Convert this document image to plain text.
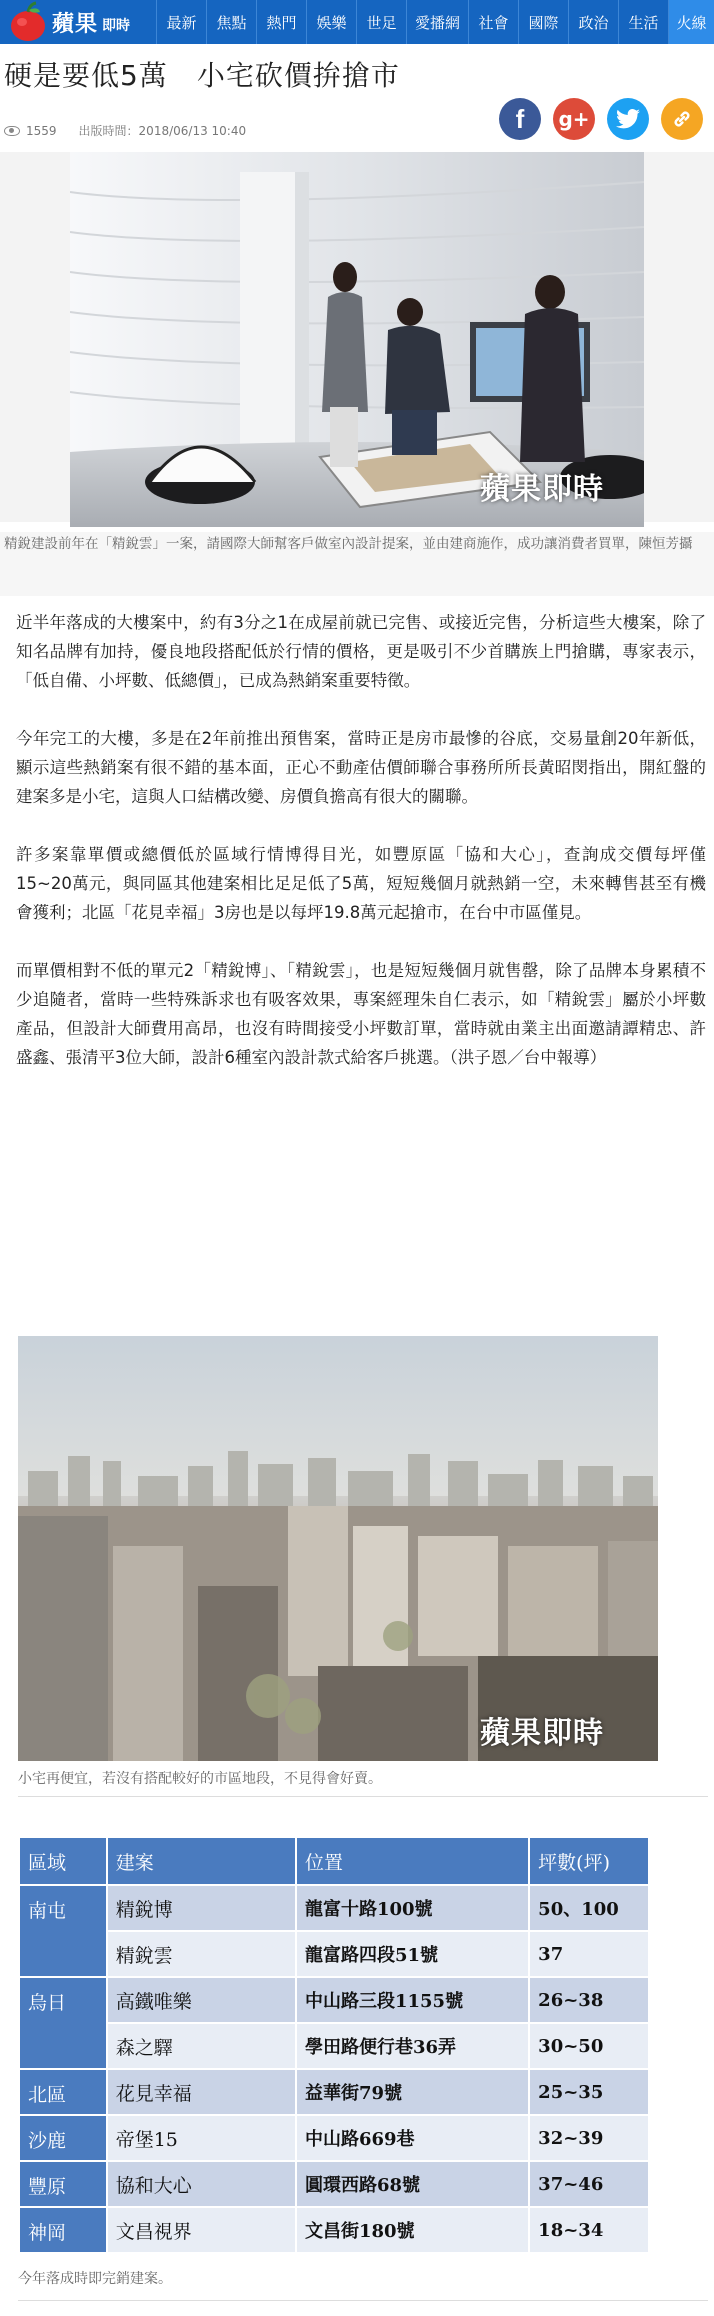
蘋果 即時	最新	焦點	熱門	娛樂	世足	愛播網	社會	國際	政治	生活	火線
硬是要低5萬　小宅砍價拚搶市
1559 出版時間：2018/06/13 10:40	f g+
蘋果即時
精銳建設前年在「精銳雲」一案，請國際大師幫客戶做室內設計提案，並由建商施作，成功讓消費者買單，陳恒芳攝

近半年落成的大樓案中，約有3分之1在成屋前就已完售、或接近完售，分析這些大樓案，除了知名品牌有加持，優良地段搭配低於行情的價格，更是吸引不少首購族上門搶購，專家表示，「低自備、小坪數、低總價」，已成為熱銷案重要特徵。

今年完工的大樓，多是在2年前推出預售案，當時正是房市最慘的谷底，交易量創20年新低，顯示這些熱銷案有很不錯的基本面，正心不動產估價師聯合事務所所長黃昭閔指出，開紅盤的建案多是小宅，這與人口結構改變、房價負擔高有很大的關聯。

許多案靠單價或總價低於區域行情博得目光，如豐原區「協和大心」，查詢成交價每坪僅15~20萬元，與同區其他建案相比足足低了5萬，短短幾個月就熱銷一空，未來轉售甚至有機會獲利；北區「花見幸福」3房也是以每坪19.8萬元起搶市，在台中市區僅見。

而單價相對不低的單元2「精銳博」、「精銳雲」，也是短短幾個月就售罄，除了品牌本身累積不少追隨者，當時一些特殊訴求也有吸客效果，專案經理朱自仁表示，如「精銳雲」屬於小坪數產品，但設計大師費用高昂，也沒有時間接受小坪數訂單，當時就由業主出面邀請譚精忠、許盛鑫、張清平3位大師，設計6種室內設計款式給客戶挑選。（洪子恩／台中報導）

蘋果即時
小宅再便宜，若沒有搭配較好的市區地段，不見得會好賣。
區域	建案	位置	坪數(坪)
南屯	精銳博	龍富十路100號	50、100
	精銳雲	龍富路四段51號	37
烏日	高鐵唯樂	中山路三段1155號	26~38
	森之驛	學田路便行巷36弄	30~50
北區	花見幸福	益華街79號	25~35
沙鹿	帝堡15	中山路669巷	32~39
豐原	協和大心	圓環西路68號	37~46
神岡	文昌視界	文昌街180號	18~34
今年落成時即完銷建案。
